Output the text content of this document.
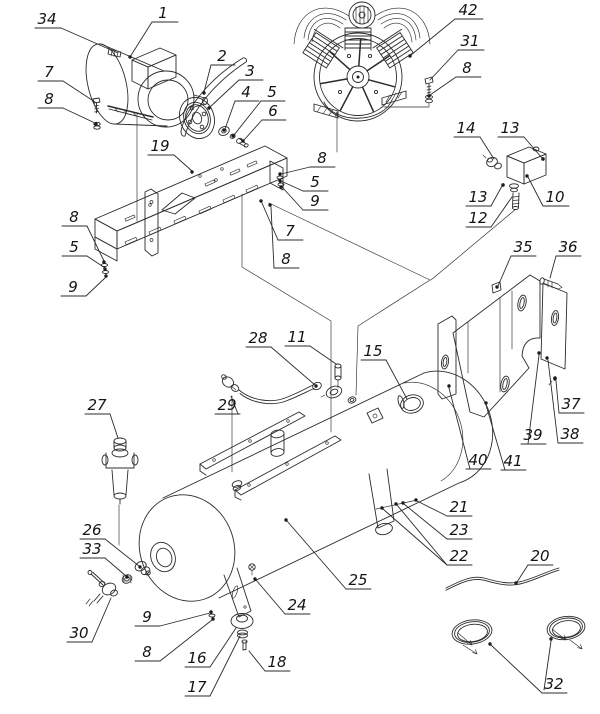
1
34
7
8
2
3
4 5
6
42
31
8
14 13
10
13
12
19
8
5
9
7
8
8
5
9
35 36
37
38
39
40 41
28 11
15
29
27
26
33
30
9
8 16
17
18
24
25
21
23
22	20
32
